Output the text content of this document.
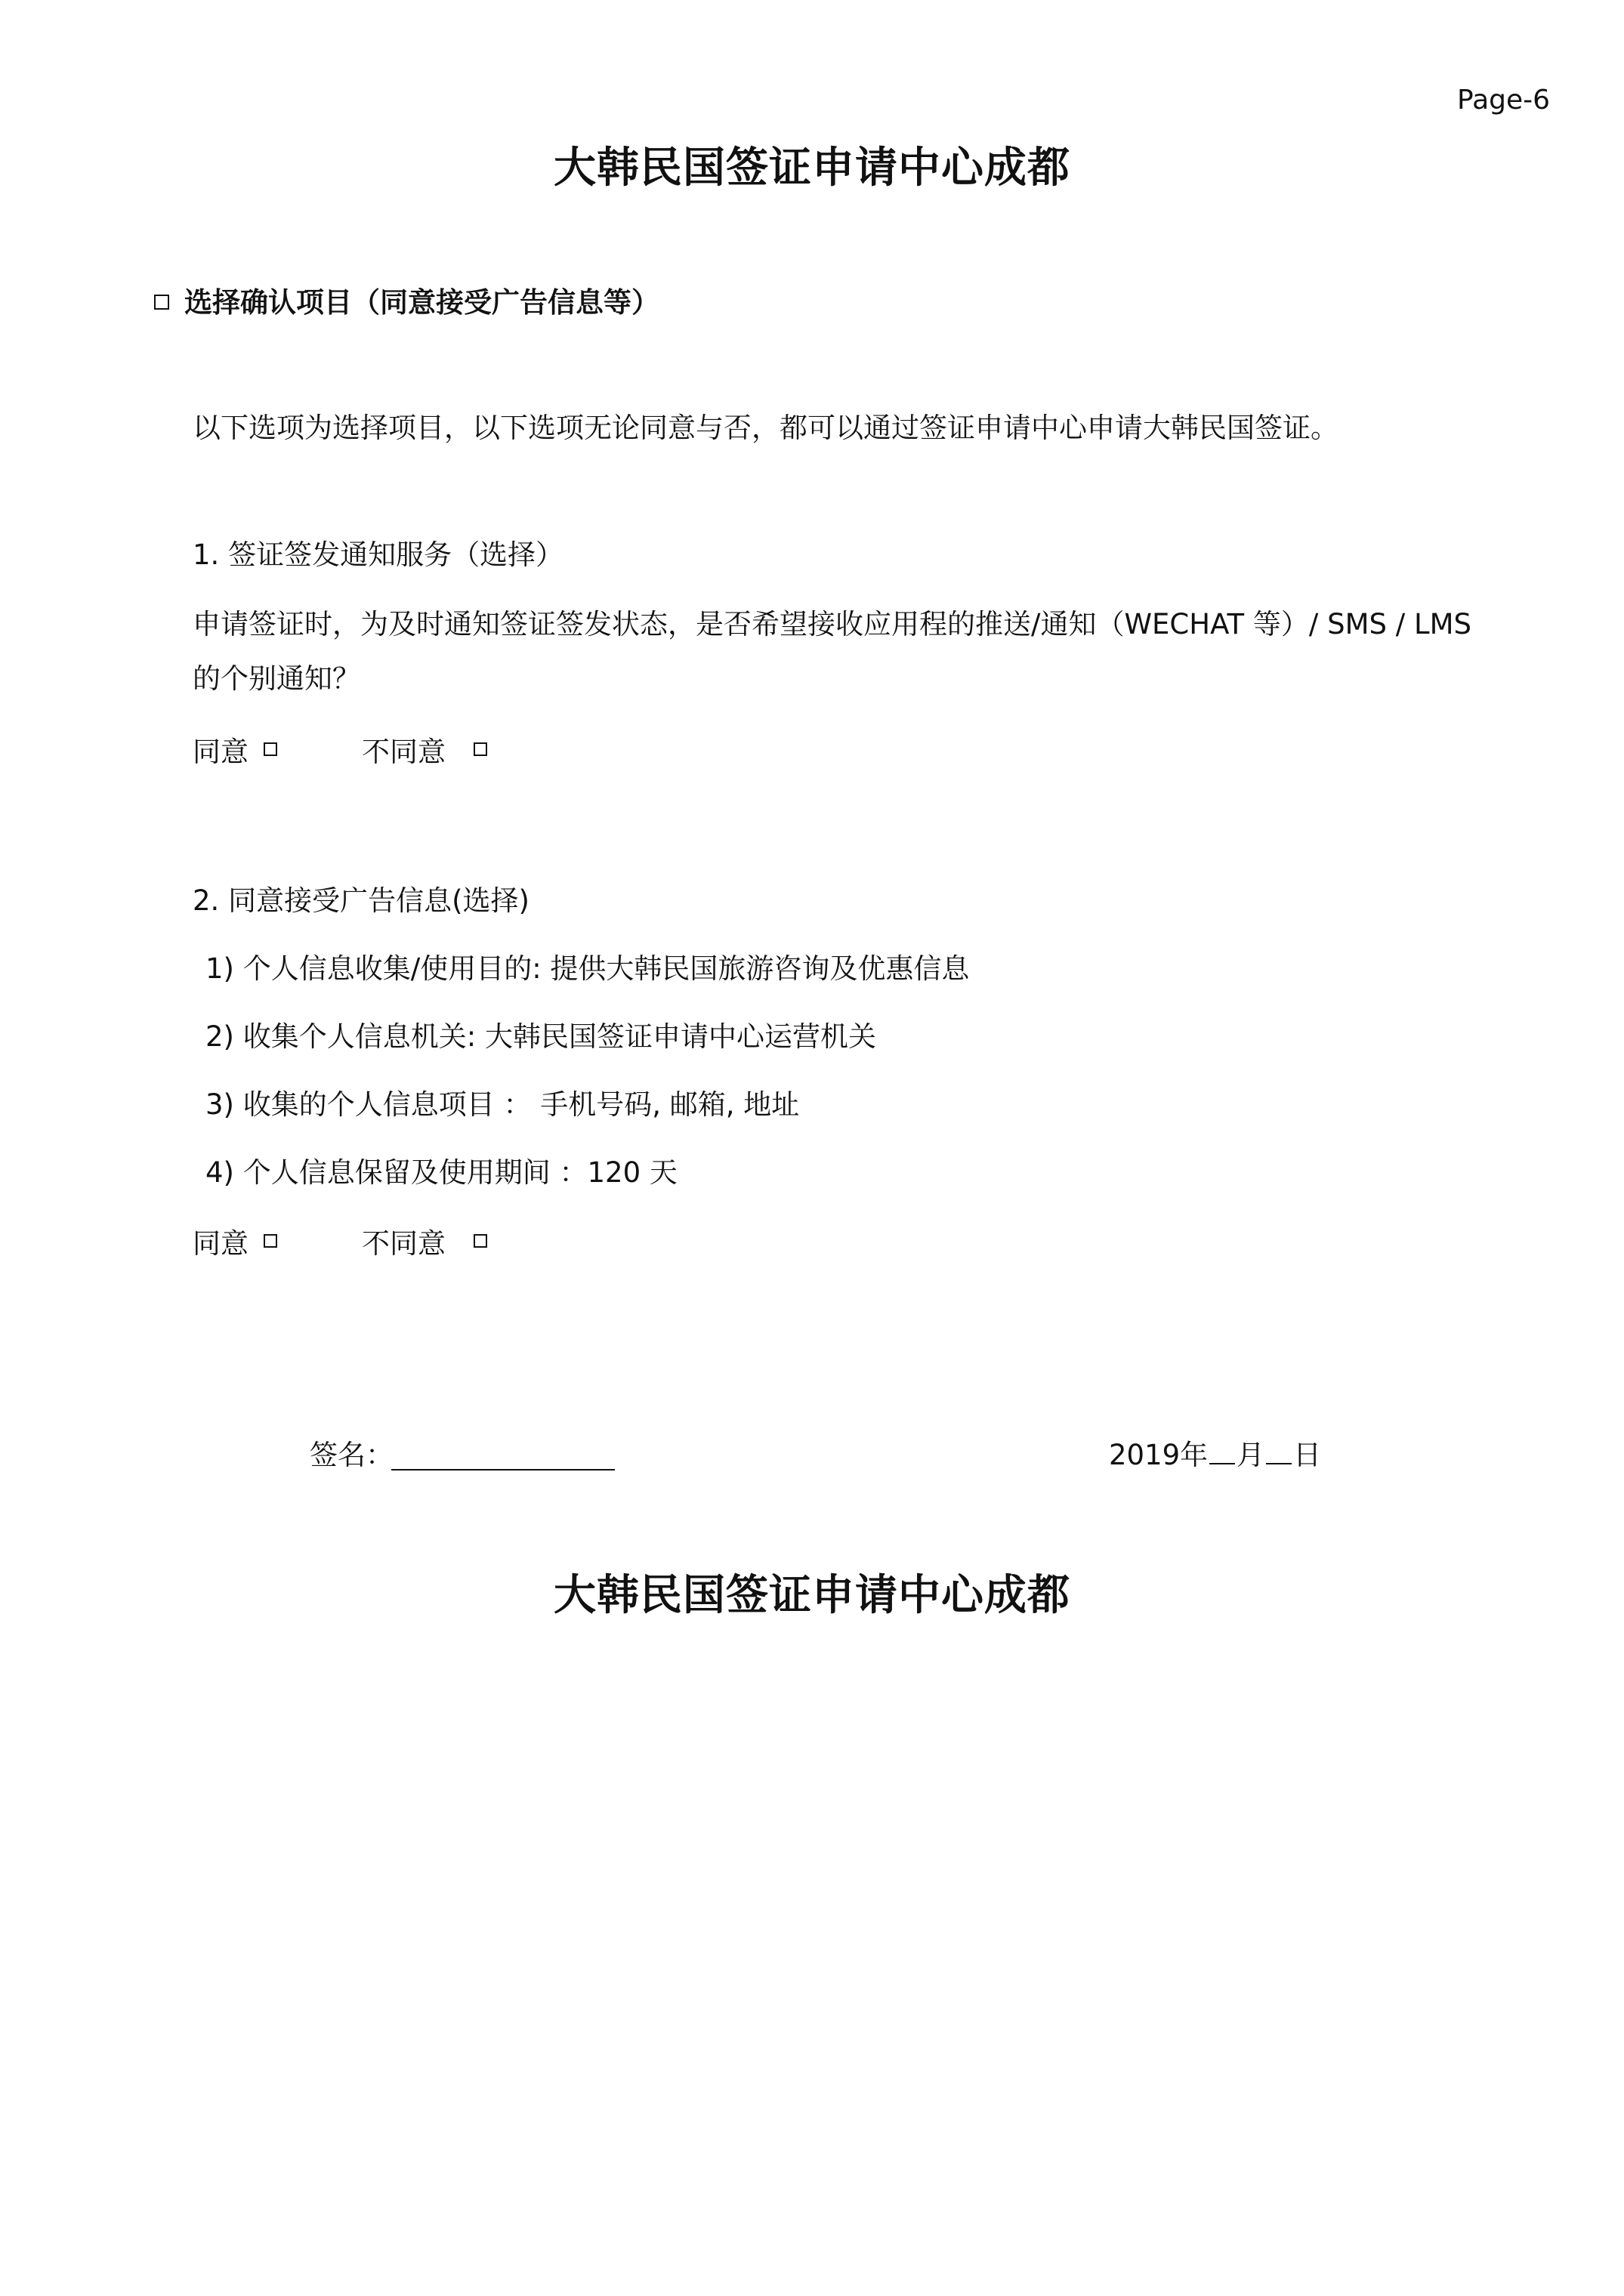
Page-6
大韩民国签证申请中心成都
选择确认项目（同意接受广告信息等）
以下选项为选择项目，以下选项无论同意与否，都可以通过签证申请中心申请大韩民国签证。
1. 签证签发通知服务（选择）
申请签证时，为及时通知签证签发状态，是否希望接收应用程的推送/通知（WECHAT 等）/ SMS / LMS
的个别通知？
同意	不同意
2. 同意接受广告信息(选择)
1) 个人信息收集/使用目的: 提供大韩民国旅游咨询及优惠信息
2) 收集个人信息机关: 大韩民国签证申请中心运营机关
3) 收集的个人信息项目 ： 手机号码, 邮箱, 地址
4) 个人信息保留及使用期间 ：120 天
同意	不同意
签名：	2019年 月 日
大韩民国签证申请中心成都
